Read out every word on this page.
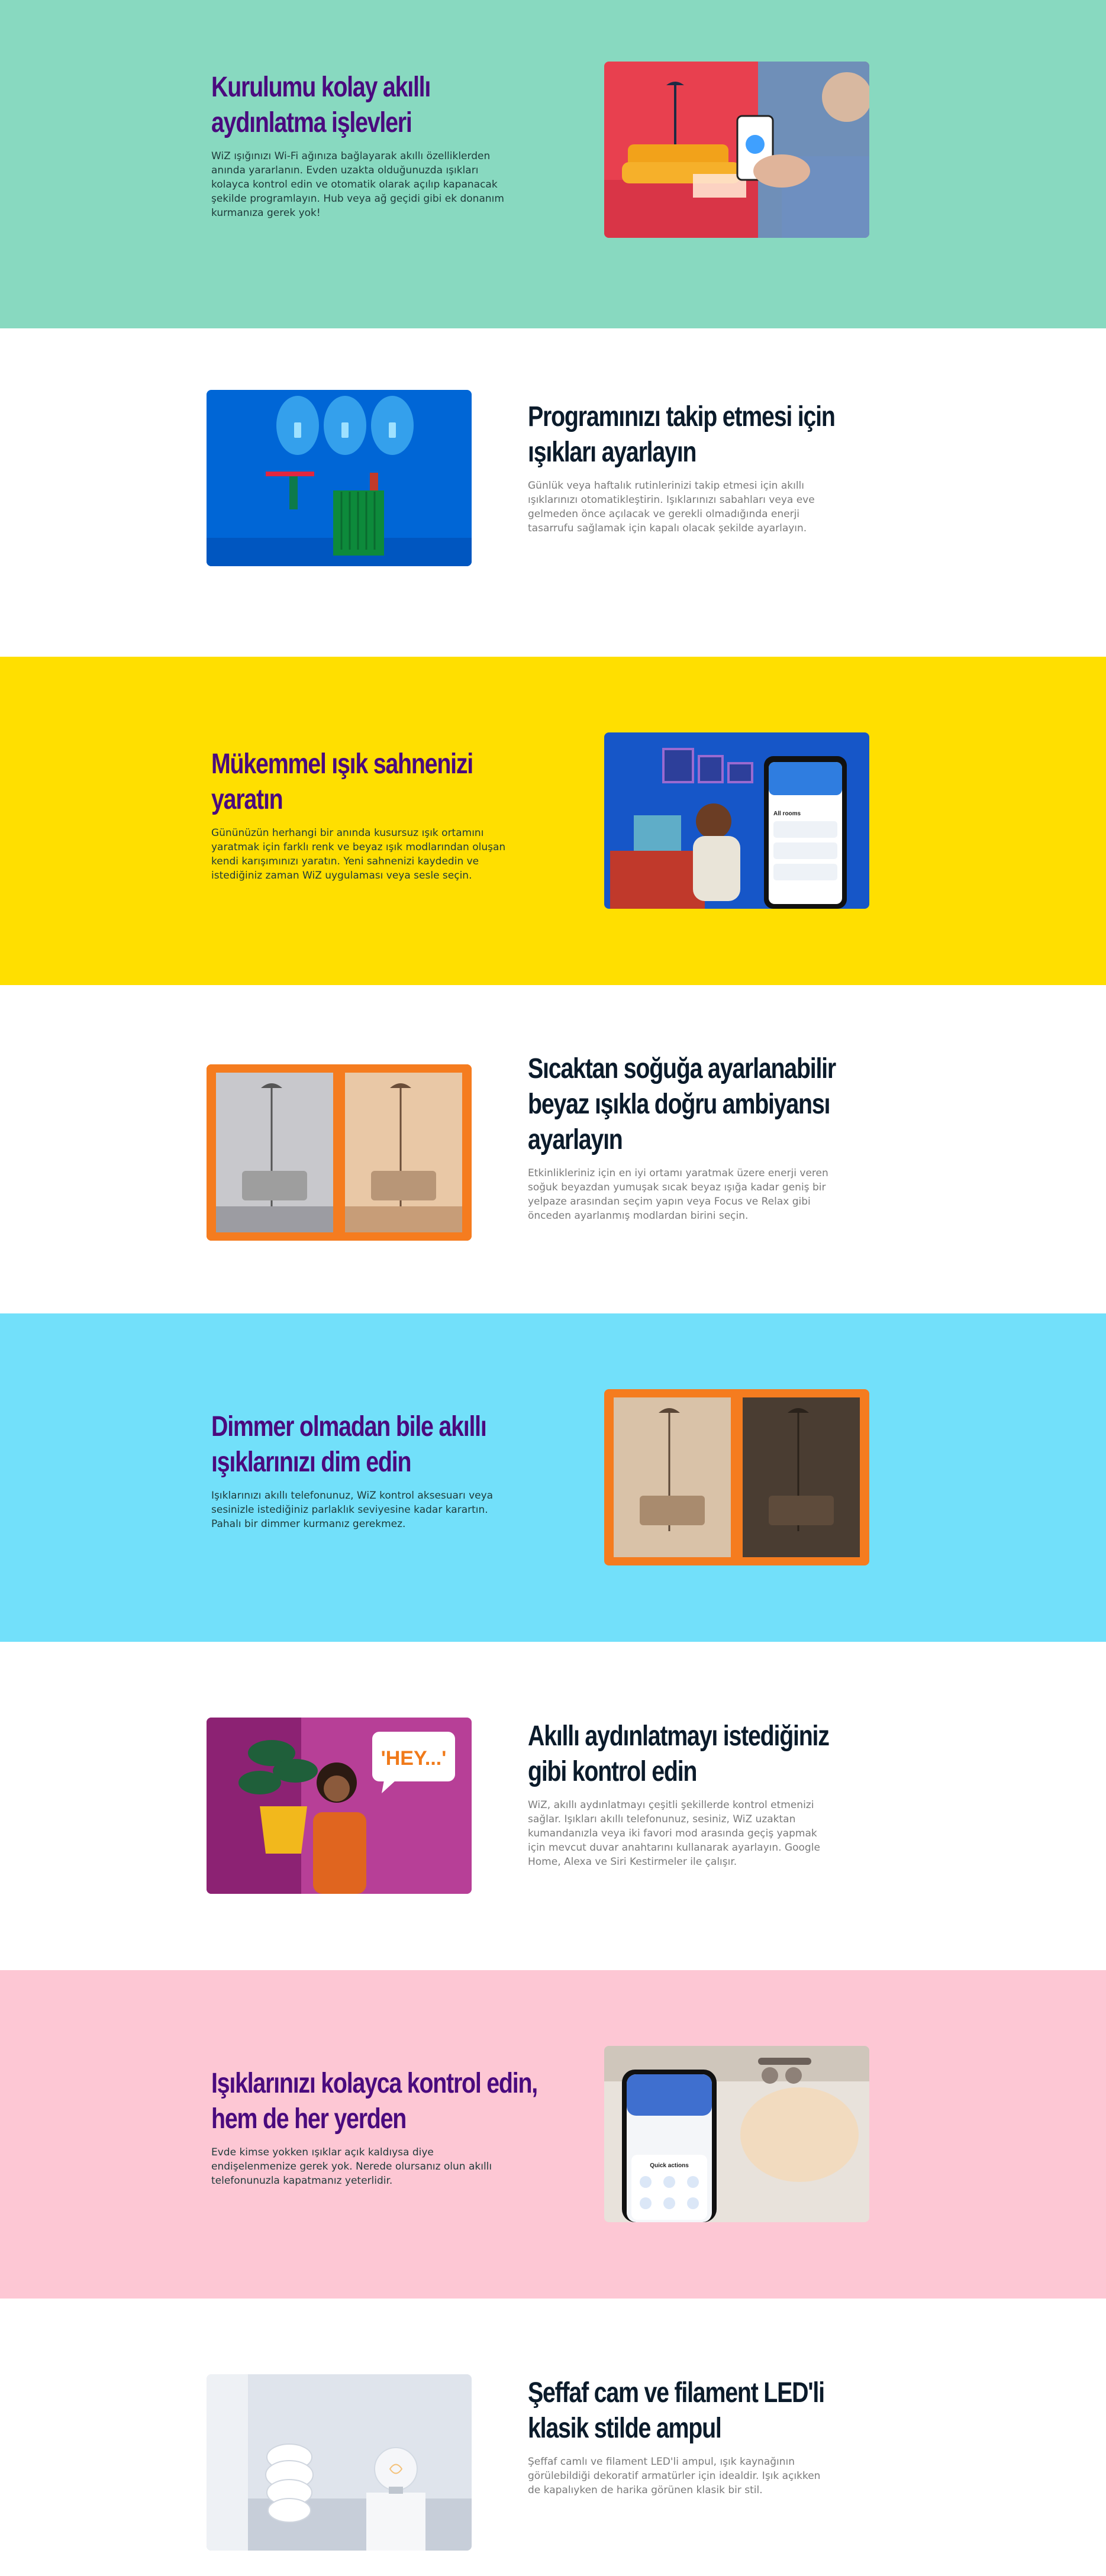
Kurulumu kolay akıllı aydınlatma işlevleri

WiZ ışığınızı Wi-Fi ağınıza bağlayarak akıllı özelliklerden anında yararlanın. Evden uzakta olduğunuzda ışıkları kolayca kontrol edin ve otomatik olarak açılıp kapanacak şekilde programlayın. Hub veya ağ geçidi gibi ek donanım kurmanıza gerek yok!

Programınızı takip etmesi için ışıkları ayarlayın

Günlük veya haftalık rutinlerinizi takip etmesi için akıllı ışıklarınızı otomatikleştirin. Işıklarınızı sabahları veya eve gelmeden önce açılacak ve gerekli olmadığında enerji tasarrufu sağlamak için kapalı olacak şekilde ayarlayın.

Mükemmel ışık sahnenizi yaratın

Gününüzün herhangi bir anında kusursuz ışık ortamını yaratmak için farklı renk ve beyaz ışık modlarından oluşan kendi karışımınızı yaratın. Yeni sahnenizi kaydedin ve istediğiniz zaman WiZ uygulaması veya sesle seçin.

All rooms
Sıcaktan soğuğa ayarlanabilir beyaz ışıkla doğru ambiyansı ayarlayın

Etkinlikleriniz için en iyi ortamı yaratmak üzere enerji veren soğuk beyazdan yumuşak sıcak beyaz ışığa kadar geniş bir yelpaze arasından seçim yapın veya Focus ve Relax gibi önceden ayarlanmış modlardan birini seçin.

Dimmer olmadan bile akıllı ışıklarınızı dim edin

Işıklarınızı akıllı telefonunuz, WiZ kontrol aksesuarı veya sesinizle istediğiniz parlaklık seviyesine kadar karartın. Pahalı bir dimmer kurmanız gerekmez.

'HEY...'
Akıllı aydınlatmayı istediğiniz gibi kontrol edin

WiZ, akıllı aydınlatmayı çeşitli şekillerde kontrol etmenizi sağlar. Işıkları akıllı telefonunuz, sesiniz, WiZ uzaktan kumandanızla veya iki favori mod arasında geçiş yapmak için mevcut duvar anahtarını kullanarak ayarlayın. Google Home, Alexa ve Siri Kestirmeler ile çalışır.

Işıklarınızı kolayca kontrol edin, hem de her yerden

Evde kimse yokken ışıklar açık kaldıysa diye endişelenmenize gerek yok. Nerede olursanız olun akıllı telefonunuzla kapatmanız yeterlidir.

Quick actions
Şeffaf cam ve filament LED'li klasik stilde ampul

Şeffaf camlı ve filament LED'li ampul, ışık kaynağının görülebildiği dekoratif armatürler için idealdir. Işık açıkken de kapalıyken de harika görünen klasik bir stil.
